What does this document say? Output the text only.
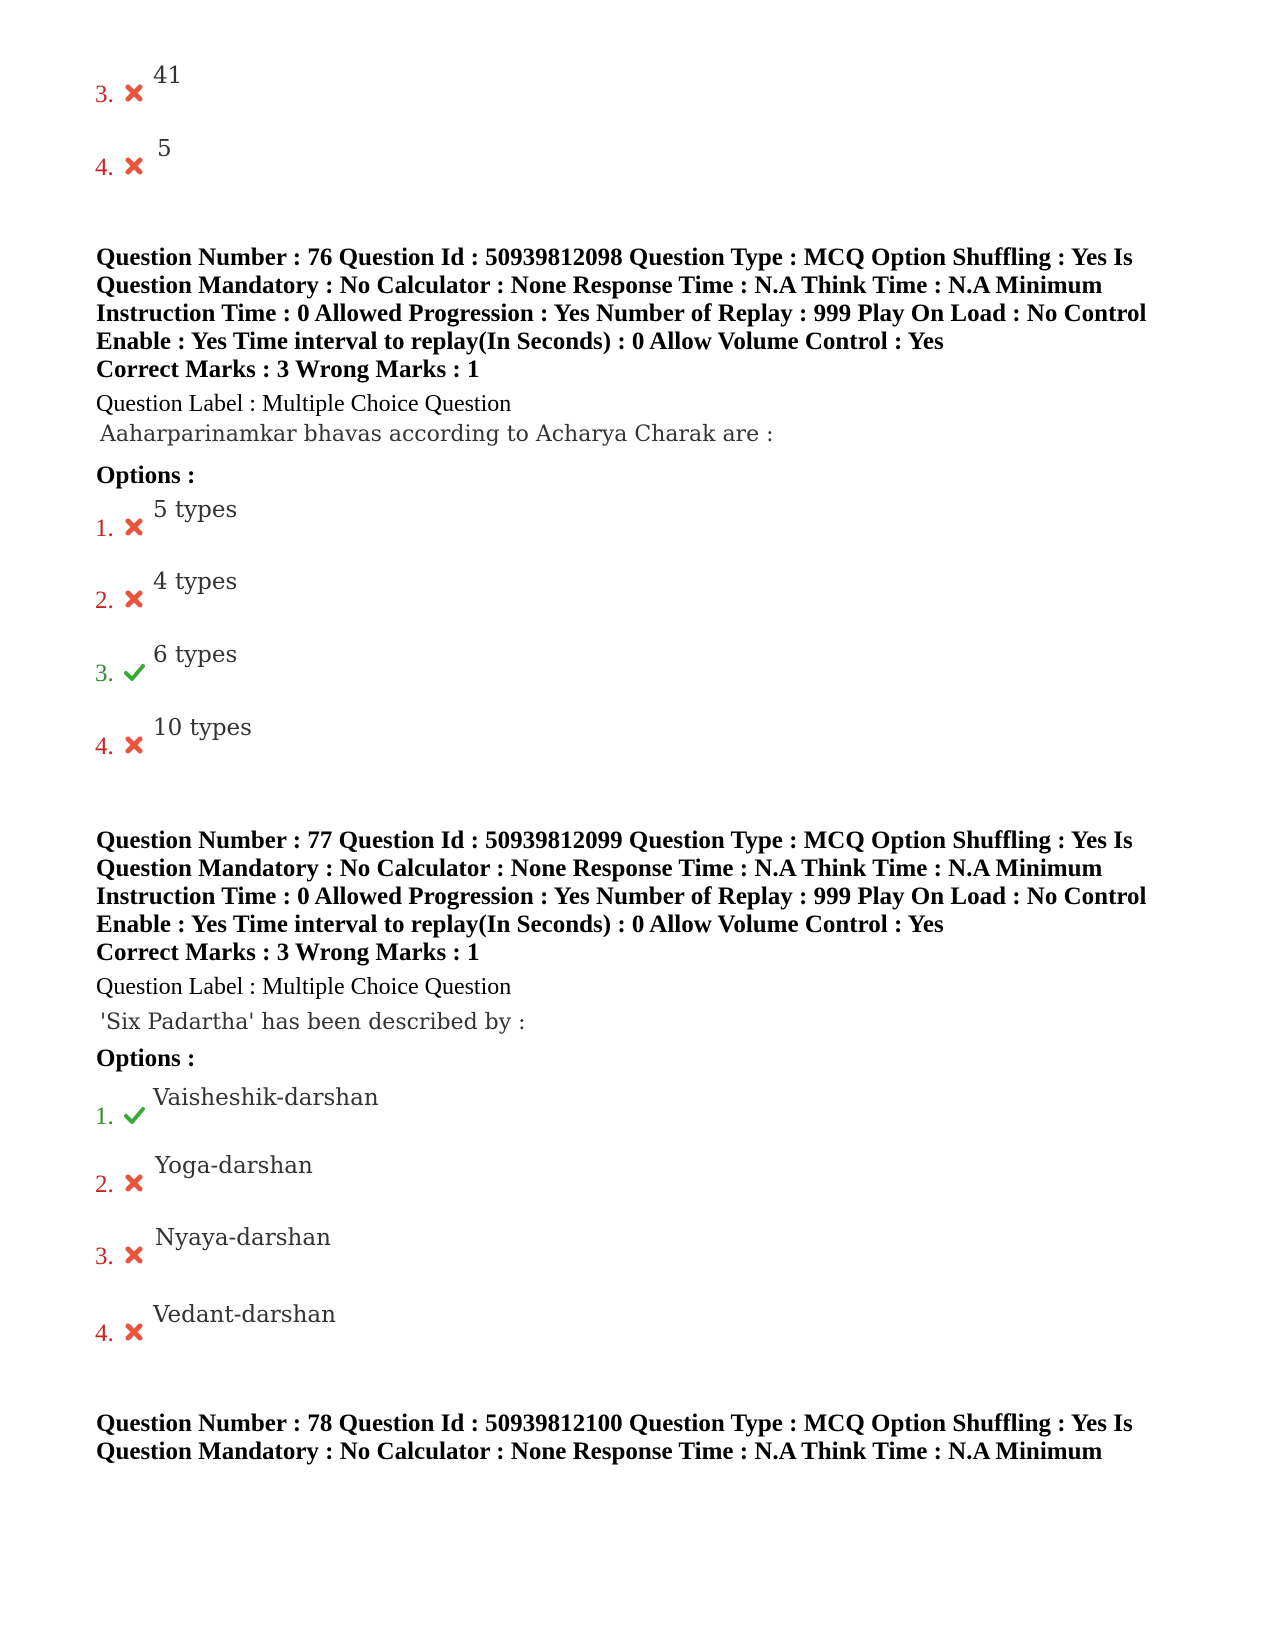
3.
41
4.
5
Question Number : 76 Question Id : 50939812098 Question Type : MCQ Option Shuffling : Yes Is Question Mandatory : No Calculator : None Response Time : N.A Think Time : N.A Minimum Instruction Time : 0 Allowed Progression : Yes Number of Replay : 999 Play On Load : No Control Enable : Yes Time interval to replay(In Seconds) : 0 Allow Volume Control : Yes
Correct Marks : 3 Wrong Marks : 1
Question Label : Multiple Choice Question
Aaharparinamkar bhavas according to Acharya Charak are :
Options :
1.
5 types
2.
4 types
3.
6 types
4.
10 types
Question Number : 77 Question Id : 50939812099 Question Type : MCQ Option Shuffling : Yes Is Question Mandatory : No Calculator : None Response Time : N.A Think Time : N.A Minimum Instruction Time : 0 Allowed Progression : Yes Number of Replay : 999 Play On Load : No Control Enable : Yes Time interval to replay(In Seconds) : 0 Allow Volume Control : Yes
Correct Marks : 3 Wrong Marks : 1
Question Label : Multiple Choice Question
'Six Padartha' has been described by :
Options :
1.
Vaisheshik-darshan
2.
Yoga-darshan
3.
Nyaya-darshan
4.
Vedant-darshan
Question Number : 78 Question Id : 50939812100 Question Type : MCQ Option Shuffling : Yes Is Question Mandatory : No Calculator : None Response Time : N.A Think Time : N.A Minimum
